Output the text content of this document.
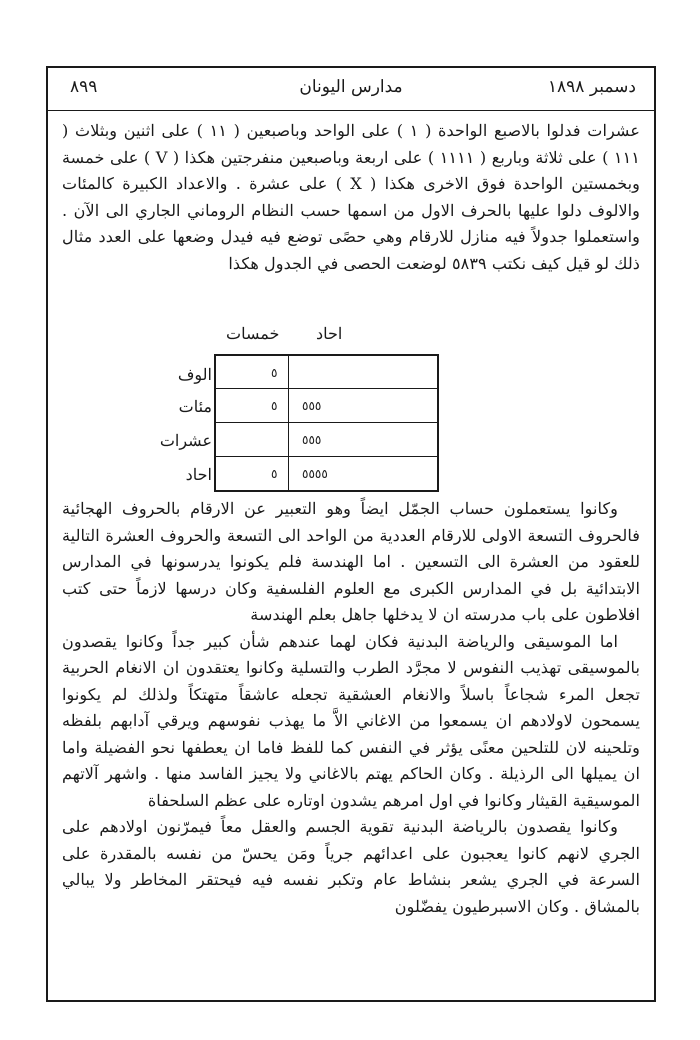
دسمبر ۱۸۹۸
مدارس اليونان
٨٩٩

عشرات فدلوا بالاصبع الواحدة ( ١ ) على الواحد وباصبعين ( ١١ ) على اثنين وبثلاث ( ١١١ ) على ثلاثة وباربع ( ١١١١ ) على اربعة وباصبعين منفرجتين هكذا ( V ) على خمسة وبخمستين الواحدة فوق الاخرى هكذا ( X ) على عشرة . والاعداد الكبيرة كالمئات والالوف دلوا عليها بالحرف الاول من اسمها حسب النظام الروماني الجاري الى الآن . واستعملوا جدولاً فيه منازل للارقام وهي حصًى توضع فيه فيدل وضعها على العدد مثال ذلك لو قيل كيف نكتب ٥٨٣٩ لوضعت الحصى في الجدول هكذا

احاد
خمسات
الوف
مئات
عشرات
احاد
٥
٥ ٥٥٥
٥٥٥
٥ ٥٥٥٥

وكانوا يستعملون حساب الجمّل ايضاً وهو التعبير عن الارقام بالحروف الهجائية فالحروف التسعة الاولى للارقام العددية من الواحد الى التسعة والحروف العشرة التالية للعقود من العشرة الى التسعين . اما الهندسة فلم يكونوا يدرسونها في المدارس الابتدائية بل في المدارس الكبرى مع العلوم الفلسفية وكان درسها لازماً حتى كتب افلاطون على باب مدرسته ان لا يدخلها جاهل بعلم الهندسة

اما الموسيقى والرياضة البدنية فكان لهما عندهم شأن كبير جداً وكانوا يقصدون بالموسيقى تهذيب النفوس لا مجرَّد الطرب والتسلية وكانوا يعتقدون ان الانغام الحربية تجعل المرء شجاعاً باسلاً والانغام العشقية تجعله عاشقاً متهتكاً ولذلك لم يكونوا يسمحون لاولادهم ان يسمعوا من الاغاني الاَّ ما يهذب نفوسهم ويرقي آدابهم بلفظه وتلحينه لان للتلحين معنًى يؤثر في النفس كما للفظ فاما ان يعطفها نحو الفضيلة واما ان يميلها الى الرذيلة . وكان الحاكم يهتم بالاغاني ولا يجيز الفاسد منها . واشهر آلاتهم الموسيقية القيثار وكانوا في اول امرهم يشدون اوتاره على عظم السلحفاة

وكانوا يقصدون بالرياضة البدنية تقوية الجسم والعقل معاً فيمرّنون اولادهم على الجري لانهم كانوا يعجبون على اعدائهم جرياً ومَن يحسّ من نفسه بالمقدرة على السرعة في الجري يشعر بنشاط عام وتكبر نفسه فيه فيحتقر المخاطر ولا يبالي بالمشاق . وكان الاسبرطيون يفضّلون
